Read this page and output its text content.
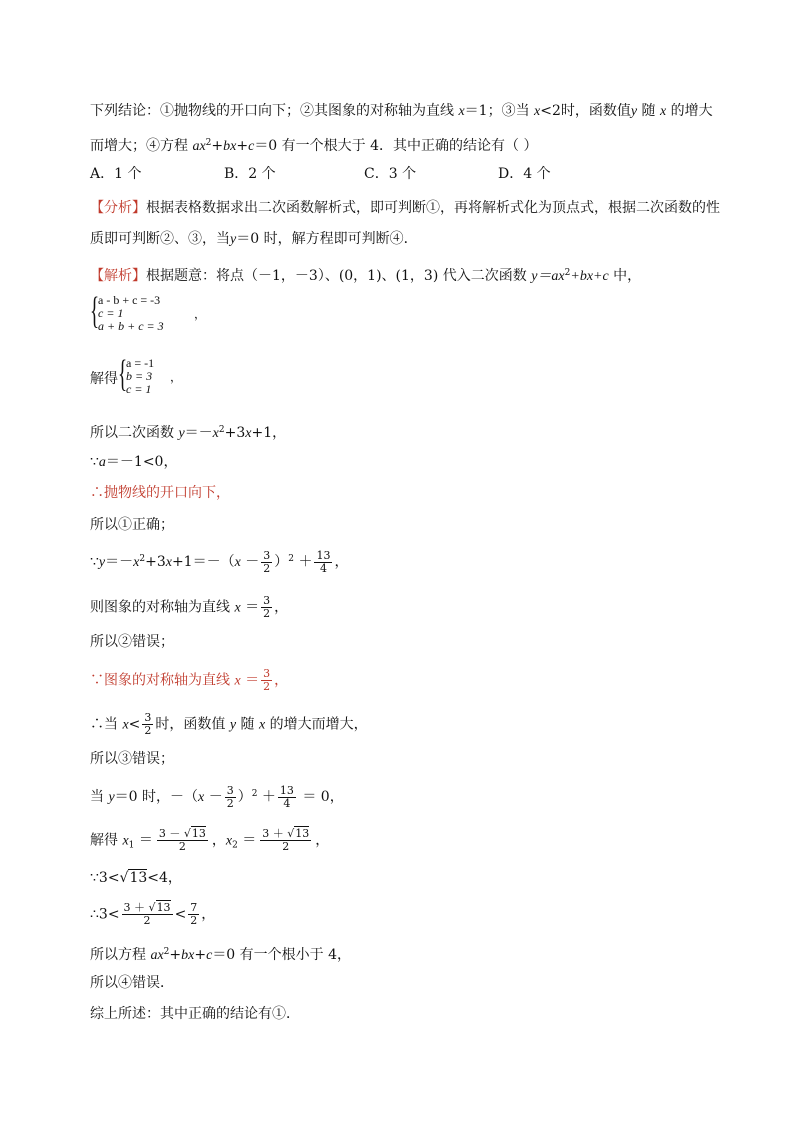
下列结论：①抛物线的开口向下；②其图象的对称轴为直线 x＝1；③当 x<2时，函数值y 随 x 的增大
而增大；④方程 $ax^2+bx+c=0$ 有一个根大于 4．其中正确的结论有（ ）
A．1 个	B．2 个	C．3 个	D．4 个
【分析】根据表格数据求出二次函数解析式，即可判断①，再将解析式化为顶点式，根据二次函数的性
质即可判断②、③，当y＝0 时，解方程即可判断④．
【解析】根据题意：将点（－1，－3）、(0，1)、(1，3) 代入二次函数 $y=ax^2+bx+c$ 中，
{
a - b + c = -3
c = 1
a + b + c = 3
，
解得 {
a = -1
b = 3
c = 1
，
所以二次函数 $y=-x^2+3x+1$，
∵a＝－1<0，
∴抛物线的开口向下，
所以①正确；
$\because y=-x^2+3x+1=-(x - \frac{3}{2} )^2 + \frac{13}{4}$ ，
则图象的对称轴为直线 $x = \frac{3}{2}$ ，
所以②错误；
∵图象的对称轴为直线 $x = \frac{3}{2}$ ，
∴当 $x< \frac{3}{2}$ 时，函数值 y 随 x 的增大而增大，
所以③错误；
当 y＝0 时，$-(x - \frac{3}{2} )^2 + \frac{13}{4} = 0$，
解得 $x_1 = \frac{3 - √13}{2}$ ，$x_2 = \frac{3 + √13}{2}$ ，
∵3<√13<4，
∴3< $\frac{3 + √13}{2} < \frac{7}{2}$ ，
所以方程 $ax^2+bx+c=0$ 有一个根小于 4，
所以④错误．
综上所述：其中正确的结论有①．
